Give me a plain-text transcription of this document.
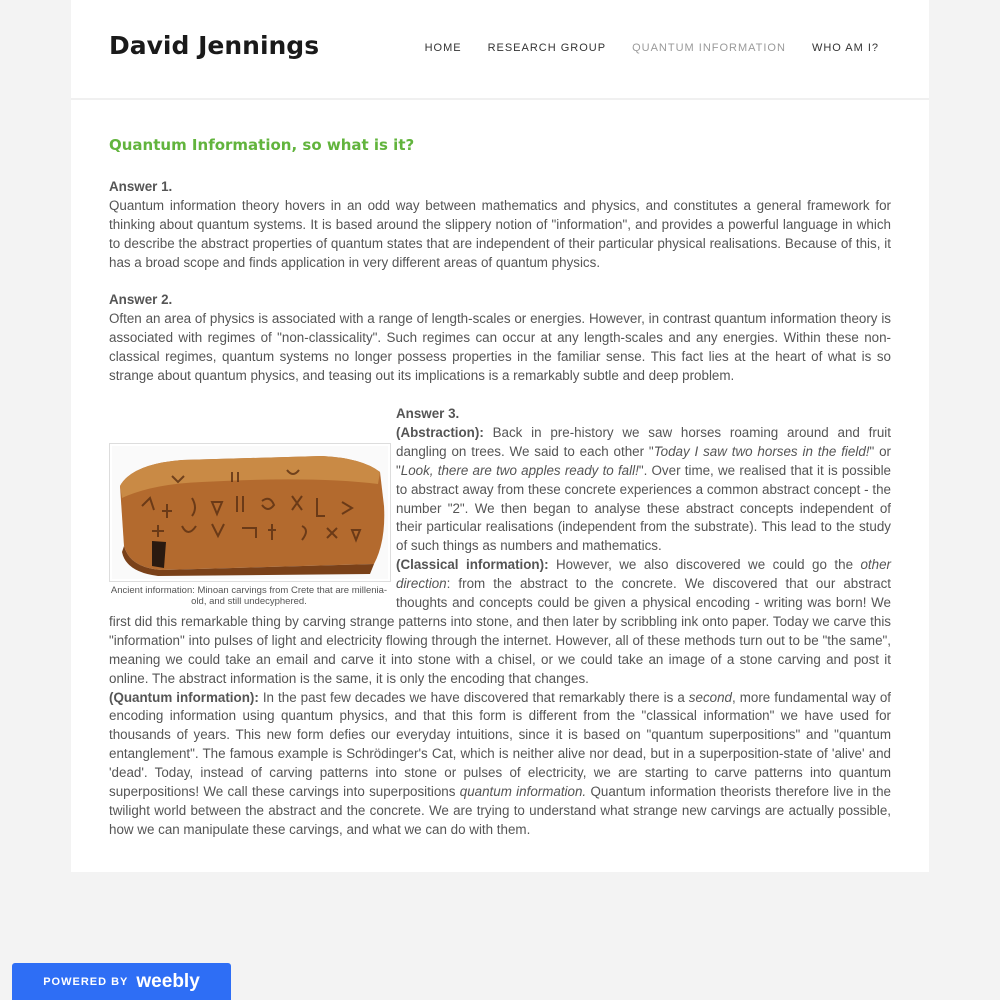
David Jennings	HOME RESEARCH GROUP QUANTUM INFORMATION WHO AM I?
Quantum Information, so what is it?
Answer 1.
Quantum information theory hovers in an odd way between mathematics and physics, and constitutes a general framework for thinking about quantum systems. It is based around the slippery notion of "information", and provides a powerful language in which to describe the abstract properties of quantum states that are independent of their particular physical realisations. Because of this, it has a broad scope and finds application in very different areas of quantum physics.
Answer 2.
Often an area of physics is associated with a range of length-scales or energies. However, in contrast quantum information theory is associated with regimes of "non-classicality". Such regimes can occur at any length-scales and any energies. Within these non-classical regimes, quantum systems no longer possess properties in the familiar sense. This fact lies at the heart of what is so strange about quantum physics, and teasing out its implications is a remarkably subtle and deep problem.
Ancient information: Minoan carvings from Crete that are millenia-old, and still undecyphered.
Answer 3.
(Abstraction): Back in pre-history we saw horses roaming around and fruit dangling on trees. We said to each other "Today I saw two horses in the field!" or "Look, there are two apples ready to fall!". Over time, we realised that it is possible to abstract away from these concrete experiences a common abstract concept - the number "2". We then began to analyse these abstract concepts independent of their particular realisations (independent from the substrate). This lead to the study of such things as numbers and mathematics.
(Classical information): However, we also discovered we could go the other direction: from the abstract to the concrete. We discovered that our abstract thoughts and concepts could be given a physical encoding - writing was born! We first did this remarkable thing by carving strange patterns into stone, and then later by scribbling ink onto paper. Today we carve this "information" into pulses of light and electricity flowing through the internet. However, all of these methods turn out to be "the same", meaning we could take an email and carve it into stone with a chisel, or we could take an image of a stone carving and post it online. The abstract information is the same, it is only the encoding that changes.
(Quantum information): In the past few decades we have discovered that remarkably there is a second, more fundamental way of encoding information using quantum physics, and that this form is different from the "classical information" we have used for thousands of years. This new form defies our everyday intuitions, since it is based on "quantum superpositions" and "quantum entanglement". The famous example is Schrödinger's Cat, which is neither alive nor dead, but in a superposition-state of 'alive' and 'dead'. Today, instead of carving patterns into stone or pulses of electricity, we are starting to carve patterns into quantum superpositions! We call these carvings into superpositions quantum information. Quantum information theorists therefore live in the twilight world between the abstract and the concrete. We are trying to understand what strange new carvings are actually possible, how we can manipulate these carvings, and what we can do with them.
POWERED BY weebly
